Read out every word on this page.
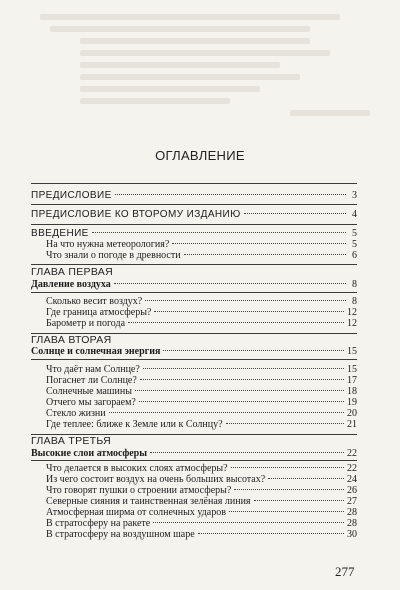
ОГЛАВЛЕНИЕ
ПРЕДИСЛОВИЕ	3
ПРЕДИСЛОВИЕ КО ВТОРОМУ ИЗДАНИЮ	4
ВВЕДЕНИЕ	5
На что нужна метеорология?	5
Что знали о погоде в древности	6
ГЛАВА ПЕРВАЯ
Давление воздуха	8
Сколько весит воздух?	8
Где граница атмосферы?	12
Барометр и погода	12
ГЛАВА ВТОРАЯ
Солнце и солнечная энергия	15
Что даёт нам Солнце?	15
Погаснет ли Солнце?	17
Солнечные машины	18
Отчего мы загораем?	19
Стекло жизни	20
Где теплее: ближе к Земле или к Солнцу?	21
ГЛАВА ТРЕТЬЯ
Высокие слои атмосферы	22
Что делается в высоких слоях атмосферы?	22
Из чего состоит воздух на очень больших высотах?	24
Что говорят пушки о строении атмосферы?	26
Северные сияния и таинственная зелёная линия	27
Атмосферная ширма от солнечных ударов	28
В стратосферу на ракете	28
В стратосферу на воздушном шаре	30
277
